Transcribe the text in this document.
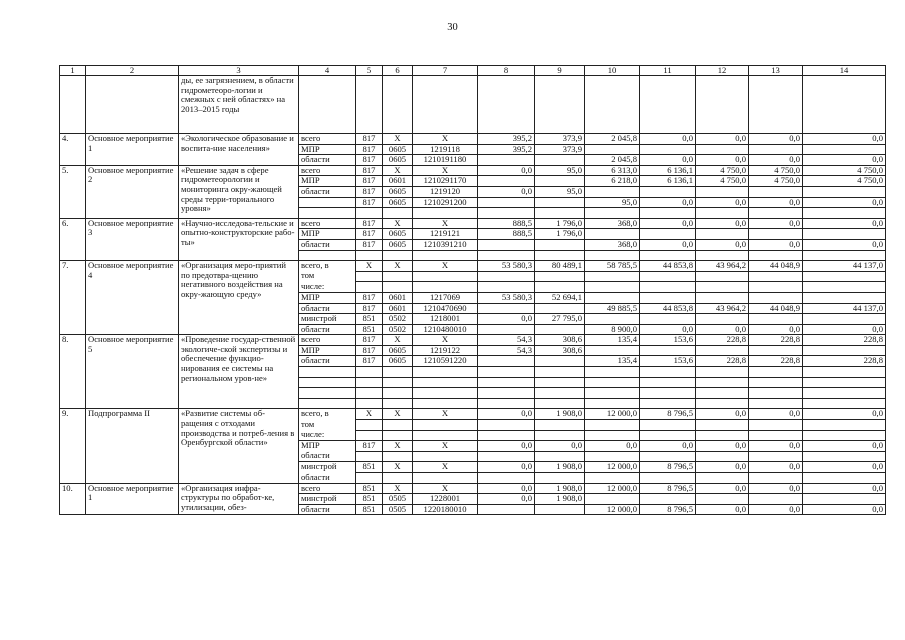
30
1	2	3	4	5	6	7	8	9	10	11	12	13	14
		ды, ее загрязнением, в области гидрометеоро-логии и смежных с ней областях» на 2013–2015 годы											
4.	Основное мероприятие 1	«Экологическое образование и воспита-ние населения»	всего	817	X	X	395,2	373,9	2 045,8	0,0	0,0	0,0	0,0
			МПР	817	0605	1219118	395,2	373,9					
			области	817	0605	1210191180			2 045,8	0,0	0,0	0,0	0,0
5.	Основное мероприятие 2	«Решение задач в сфере гидрометеорологии и мониторинга окру-жающей среды терри-ториального уровня»	всего	817	X	X	0,0	95,0	6 313,0	6 136,1	4 750,0	4 750,0	4 750,0
			МПР	817	0601	1210291170			6 218,0	6 136,1	4 750,0	4 750,0	4 750,0
			области	817	0605	1219120	0,0	95,0					
				817	0605	1210291200			95,0	0,0	0,0	0,0	0,0

6.	Основное мероприятие 3	«Научно-исследова-тельские и опытно-конструкторские рабо-ты»	всего	817	X	X	888,5	1 796,0	368,0	0,0	0,0	0,0	0,0
			МПР	817	0605	1219121	888,5	1 796,0					
			области	817	0605	1210391210			368,0	0,0	0,0	0,0	0,0

7.	Основное мероприятие 4	«Организация меро-приятий по предотвра-щению негативного воздействия на окру-жающую среду»	всего, в	X	X	X	53 580,3	80 489,1	58 785,5	44 853,8	43 964,2	44 048,9	44 137,0
			том										
			числе:										
			МПР	817	0601	1217069	53 580,3	52 694,1					
			области	817	0601	1210470690			49 885,5	44 853,8	43 964,2	44 048,9	44 137,0
			минстрой	851	0502	1218001	0,0	27 795,0					
			области	851	0502	1210480010			8 900,0	0,0	0,0	0,0	0,0
8.	Основное мероприятие 5	«Проведение государ-ственной экологиче-ской экспертизы и обеспечение функцио-нирования ее системы на региональном уров-не»	всего	817	X	X	54,3	308,6	135,4	153,6	228,8	228,8	228,8
			МПР	817	0605	1219122	54,3	308,6					
			области	817	0605	1210591220			135,4	153,6	228,8	228,8	228,8

9.	Подпрограмма II	«Развитие системы об-ращения с отходами производства и потреб-ления в Оренбургской области»	всего, в	X	X	X	0,0	1 908,0	12 000,0	8 796,5	0,0	0,0	0,0
			том										
			числе:										
			МПР	817	X	X	0,0	0,0	0,0	0,0	0,0	0,0	0,0
			области										
			минстрой	851	X	X	0,0	1 908,0	12 000,0	8 796,5	0,0	0,0	0,0
			области										
10.	Основное мероприятие 1	«Организация инфра-структуры по обработ-ке, утилизации, обез-	всего	851	X	X	0,0	1 908,0	12 000,0	8 796,5	0,0	0,0	0,0
			минстрой	851	0505	1228001	0,0	1 908,0					
			области	851	0505	1220180010			12 000,0	8 796,5	0,0	0,0	0,0
